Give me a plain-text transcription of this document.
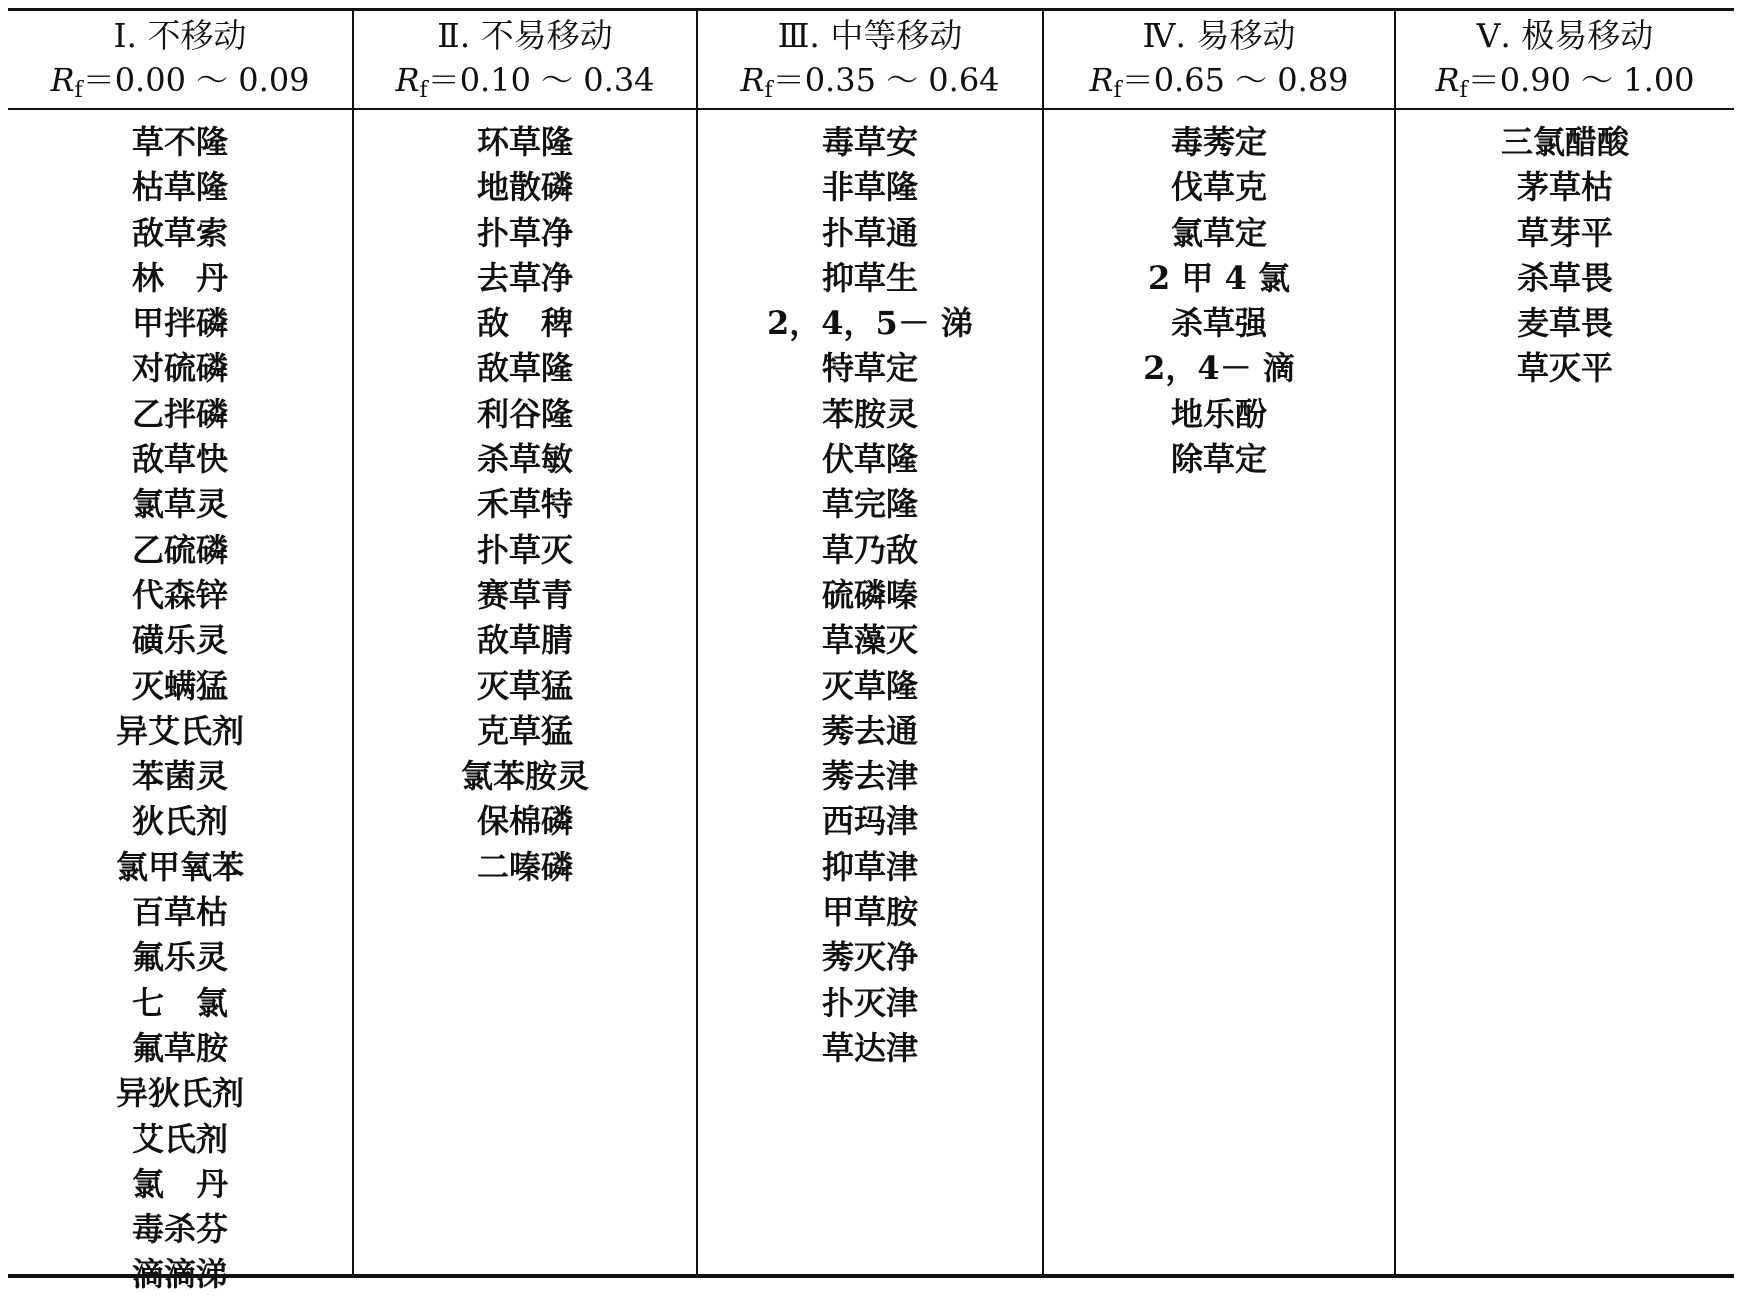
Ⅰ. 不移动
Rf＝0.00 ～ 0.09
草不隆
枯草隆
敌草索
林　丹
甲拌磷
对硫磷
乙拌磷
敌草快
氯草灵
乙硫磷
代森锌
磺乐灵
灭螨猛
异艾氏剂
苯菌灵
狄氏剂
氯甲氧苯
百草枯
氟乐灵
七　氯
氟草胺
异狄氏剂
艾氏剂
氯　丹
毒杀芬
滴滴涕
Ⅱ. 不易移动
Rf＝0.10 ～ 0.34
环草隆
地散磷
扑草净
去草净
敌　稗
敌草隆
利谷隆
杀草敏
禾草特
扑草灭
赛草青
敌草腈
灭草猛
克草猛
氯苯胺灵
保棉磷
二嗪磷
Ⅲ. 中等移动
Rf＝0.35 ～ 0.64
毒草安
非草隆
扑草通
抑草生
2，4，5－ 涕
特草定
苯胺灵
伏草隆
草完隆
草乃敌
硫磷嗪
草藻灭
灭草隆
莠去通
莠去津
西玛津
抑草津
甲草胺
莠灭净
扑灭津
草达津
Ⅳ. 易移动
Rf＝0.65 ～ 0.89
毒莠定
伐草克
氯草定
2 甲 4 氯
杀草强
2，4－ 滴
地乐酚
除草定
Ⅴ. 极易移动
Rf＝0.90 ～ 1.00
三氯醋酸
茅草枯
草芽平
杀草畏
麦草畏
草灭平
